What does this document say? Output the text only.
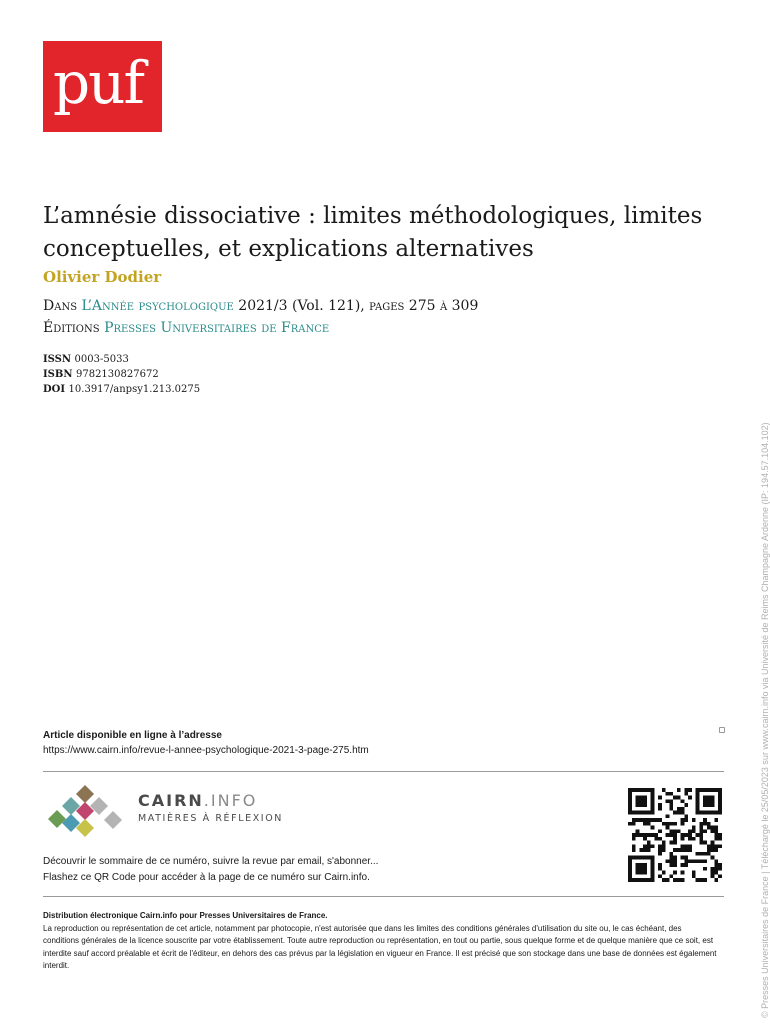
puf
L’amnésie dissociative : limites méthodologiques, limites conceptuelles, et explications alternatives
Olivier Dodier
Dans L’Année psychologique 2021/3 (Vol. 121), pages 275 à 309
Éditions Presses Universitaires de France
ISSN 0003-5033
ISBN 9782130827672
DOI 10.3917/anpsy1.213.0275
Article disponible en ligne à l’adresse
https://www.cairn.info/revue-l-annee-psychologique-2021-3-page-275.htm
CAIRN.INFO
MATIÈRES À RÉFLEXION
Découvrir le sommaire de ce numéro, suivre la revue par email, s'abonner...
Flashez ce QR Code pour accéder à la page de ce numéro sur Cairn.info.
Distribution électronique Cairn.info pour Presses Universitaires de France.
La reproduction ou représentation de cet article, notamment par photocopie, n'est autorisée que dans les limites des conditions générales d'utilisation du site ou, le cas échéant, des conditions générales de la licence souscrite par votre établissement. Toute autre reproduction ou représentation, en tout ou partie, sous quelque forme et de quelque manière que ce soit, est interdite sauf accord préalable et écrit de l'éditeur, en dehors des cas prévus par la législation en vigueur en France. Il est précisé que son stockage dans une base de données est également interdit.	© Presses Universitaires de France | Téléchargé le 25/05/2023 sur www.cairn.info via Université de Reims Champagne Ardenne (IP: 194.57.104.102)
